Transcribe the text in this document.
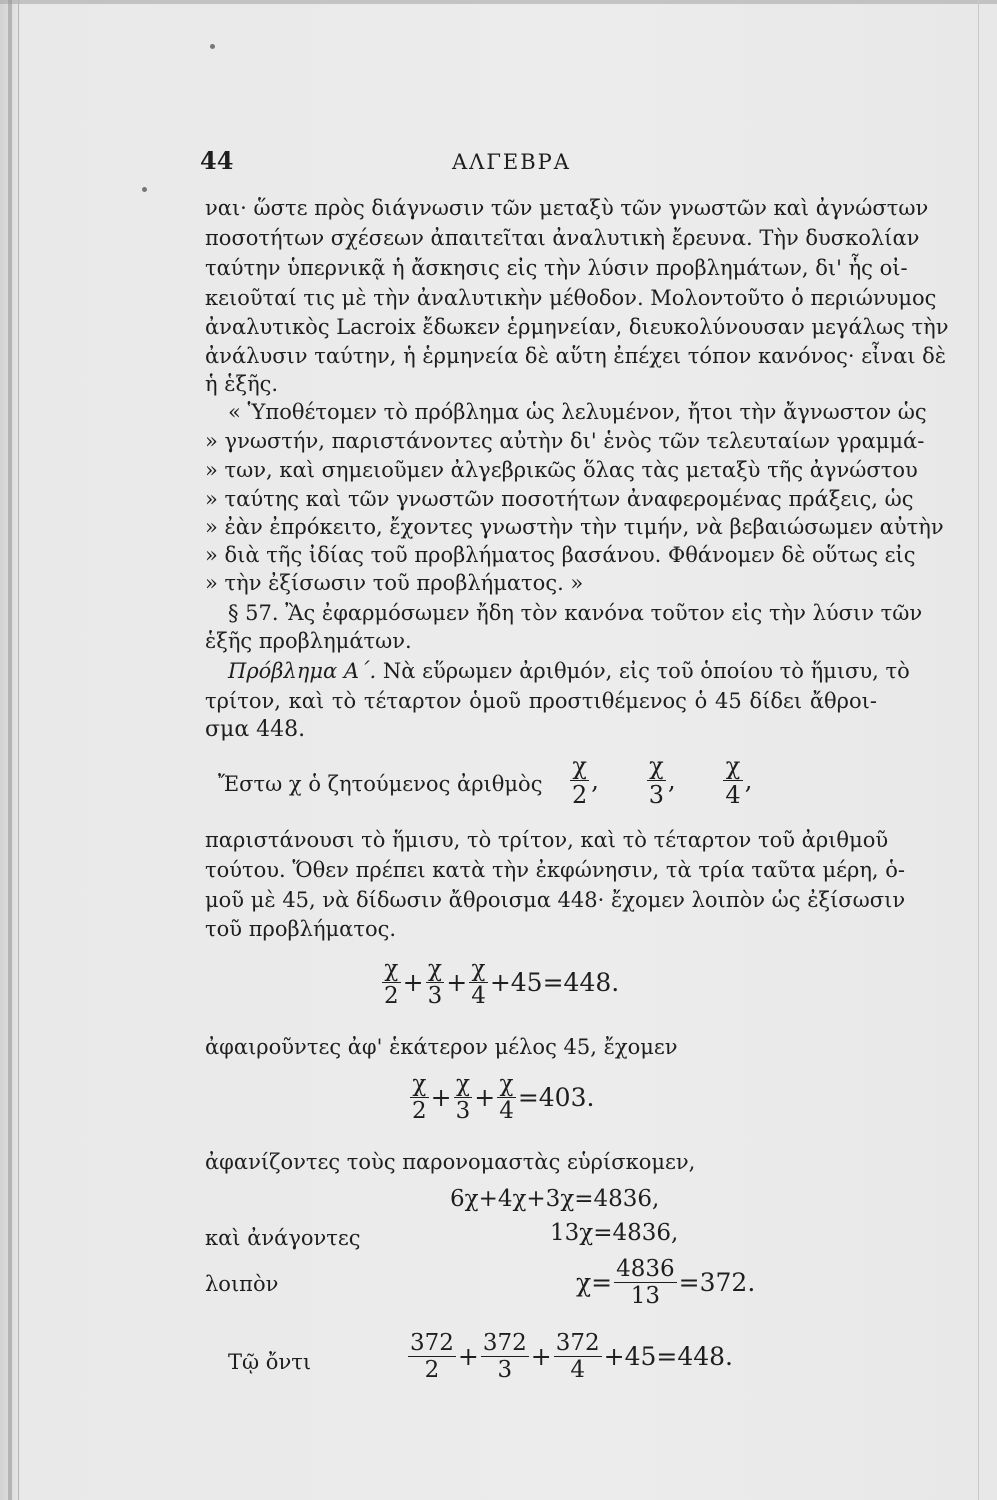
44	ΑΛΓΕΒΡΑ
ναι· ὥστε πρὸς διάγνωσιν τῶν μεταξὺ τῶν γνωστῶν καὶ ἀγνώστων
ποσοτήτων σχέσεων ἀπαιτεῖται ἀναλυτικὴ ἔρευνα. Τὴν δυσκολίαν
ταύτην ὑπερνικᾷ ἡ ἄσκησις εἰς τὴν λύσιν προβλημάτων, δι' ἧς οἰ-
κειοῦταί τις μὲ τὴν ἀναλυτικὴν μέθοδον. Μολοντοῦτο ὁ περιώνυμος
ἀναλυτικὸς Lacroix ἔδωκεν ἑρμηνείαν, διευκολύνουσαν μεγάλως τὴν
ἀνάλυσιν ταύτην, ἡ ἑρμηνεία δὲ αὕτη ἐπέχει τόπον κανόνος· εἶναι δὲ
ἡ ἑξῆς.
« Ὑποθέτομεν τὸ πρόβλημα ὡς λελυμένον, ἤτοι τὴν ἄγνωστον ὡς
» γνωστήν, παριστάνοντες αὐτὴν δι' ἑνὸς τῶν τελευταίων γραμμά-
» των, καὶ σημειοῦμεν ἀλγεβρικῶς ὅλας τὰς μεταξὺ τῆς ἀγνώστου
» ταύτης καὶ τῶν γνωστῶν ποσοτήτων ἀναφερομένας πράξεις, ὡς
» ἐὰν ἐπρόκειτο, ἔχοντες γνωστὴν τὴν τιμήν, νὰ βεβαιώσωμεν αὐτὴν
» διὰ τῆς ἰδίας τοῦ προβλήματος βασάνου. Φθάνομεν δὲ οὕτως εἰς
» τὴν ἐξίσωσιν τοῦ προβλήματος. »
§ 57. Ἂς ἐφαρμόσωμεν ἤδη τὸν κανόνα τοῦτον εἰς τὴν λύσιν τῶν
ἑξῆς προβλημάτων.
Πρόβλημα Α΄. Νὰ εὕρωμεν ἀριθμόν, εἰς τοῦ ὁποίου τὸ ἥμισυ, τὸ
τρίτον, καὶ τὸ τέταρτον ὁμοῦ προστιθέμενος ὁ 45 δίδει ἄθροι-
σμα 448.
Ἔστω χ ὁ ζητούμενος ἀριθμὸς $\frac{\chi}{2}$ , $\frac{\chi}{3}$ , $\frac{\chi}{4}$ ,
παριστάνουσι τὸ ἥμισυ, τὸ τρίτον, καὶ τὸ τέταρτον τοῦ ἀριθμοῦ
τούτου. Ὅθεν πρέπει κατὰ τὴν ἐκφώνησιν, τὰ τρία ταῦτα μέρη, ὁ-
μοῦ μὲ 45, νὰ δίδωσιν ἄθροισμα 448· ἔχομεν λοιπὸν ὡς ἐξίσωσιν
τοῦ προβλήματος.
$\frac{\chi}{2} + \frac{\chi}{3} + \frac{\chi}{4} +45=448$.
ἀφαιροῦντες ἀφ' ἑκάτερον μέλος 45, ἔχομεν
$\frac{\chi}{2} + \frac{\chi}{3} + \frac{\chi}{4} =403$.
ἀφανίζοντες τοὺς παρονομαστὰς εὑρίσκομεν,
6χ+4χ+3χ=4836,
καὶ ἀνάγοντες	13χ=4836,
λοιπὸν	$\chi= \frac{4836}{13} =372$.
Τῷ ὄντι	$\frac{372}{2} + \frac{372}{3} + \frac{372}{4} +45=448$.
